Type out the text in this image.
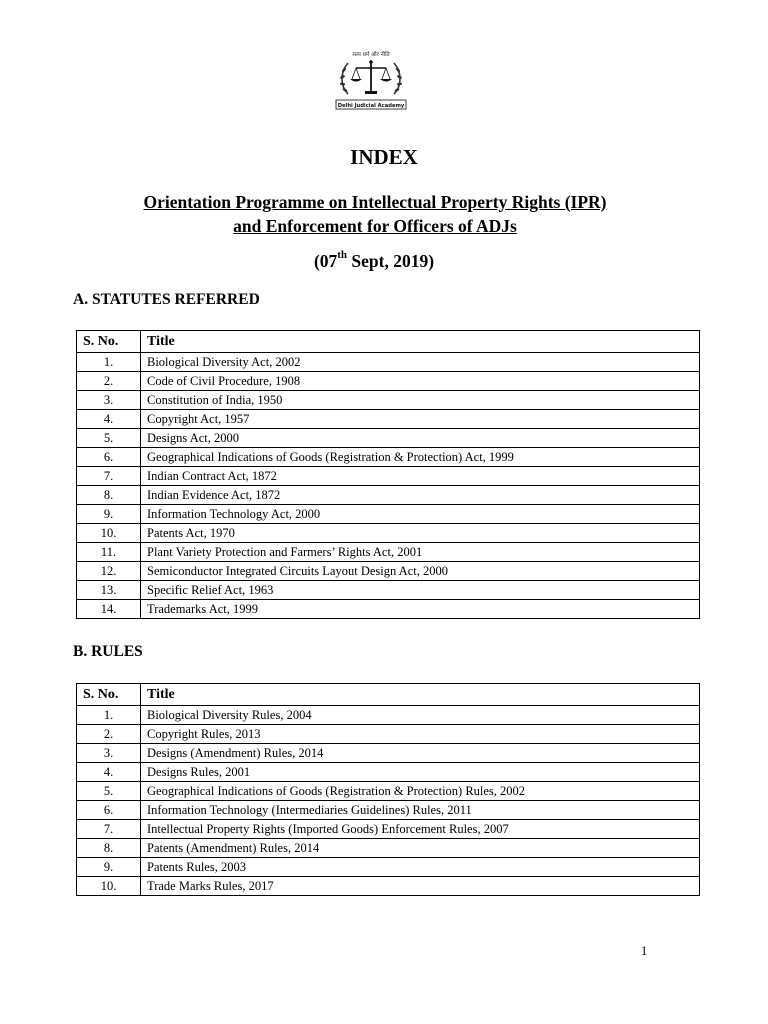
सत्य धर्म और नीति
Delhi Judicial Academy
INDEX
Orientation Programme on Intellectual Property Rights (IPR)
and Enforcement for Officers of ADJs
(07th Sept, 2019)
A. STATUTES REFERRED
S. No.	Title
1.	Biological Diversity Act, 2002
2.	Code of Civil Procedure, 1908
3.	Constitution of India, 1950
4.	Copyright Act, 1957
5.	Designs Act, 2000
6.	Geographical Indications of Goods (Registration & Protection) Act, 1999
7.	Indian Contract Act, 1872
8.	Indian Evidence Act, 1872
9.	Information Technology Act, 2000
10.	Patents Act, 1970
11.	Plant Variety Protection and Farmers’ Rights Act, 2001
12.	Semiconductor Integrated Circuits Layout Design Act, 2000
13.	Specific Relief Act, 1963
14.	Trademarks Act, 1999
B. RULES
S. No.	Title
1.	Biological Diversity Rules, 2004
2.	Copyright Rules, 2013
3.	Designs (Amendment) Rules, 2014
4.	Designs Rules, 2001
5.	Geographical Indications of Goods (Registration & Protection) Rules, 2002
6.	Information Technology (Intermediaries Guidelines) Rules, 2011
7.	Intellectual Property Rights (Imported Goods) Enforcement Rules, 2007
8.	Patents (Amendment) Rules, 2014
9.	Patents Rules, 2003
10.	Trade Marks Rules, 2017
1
